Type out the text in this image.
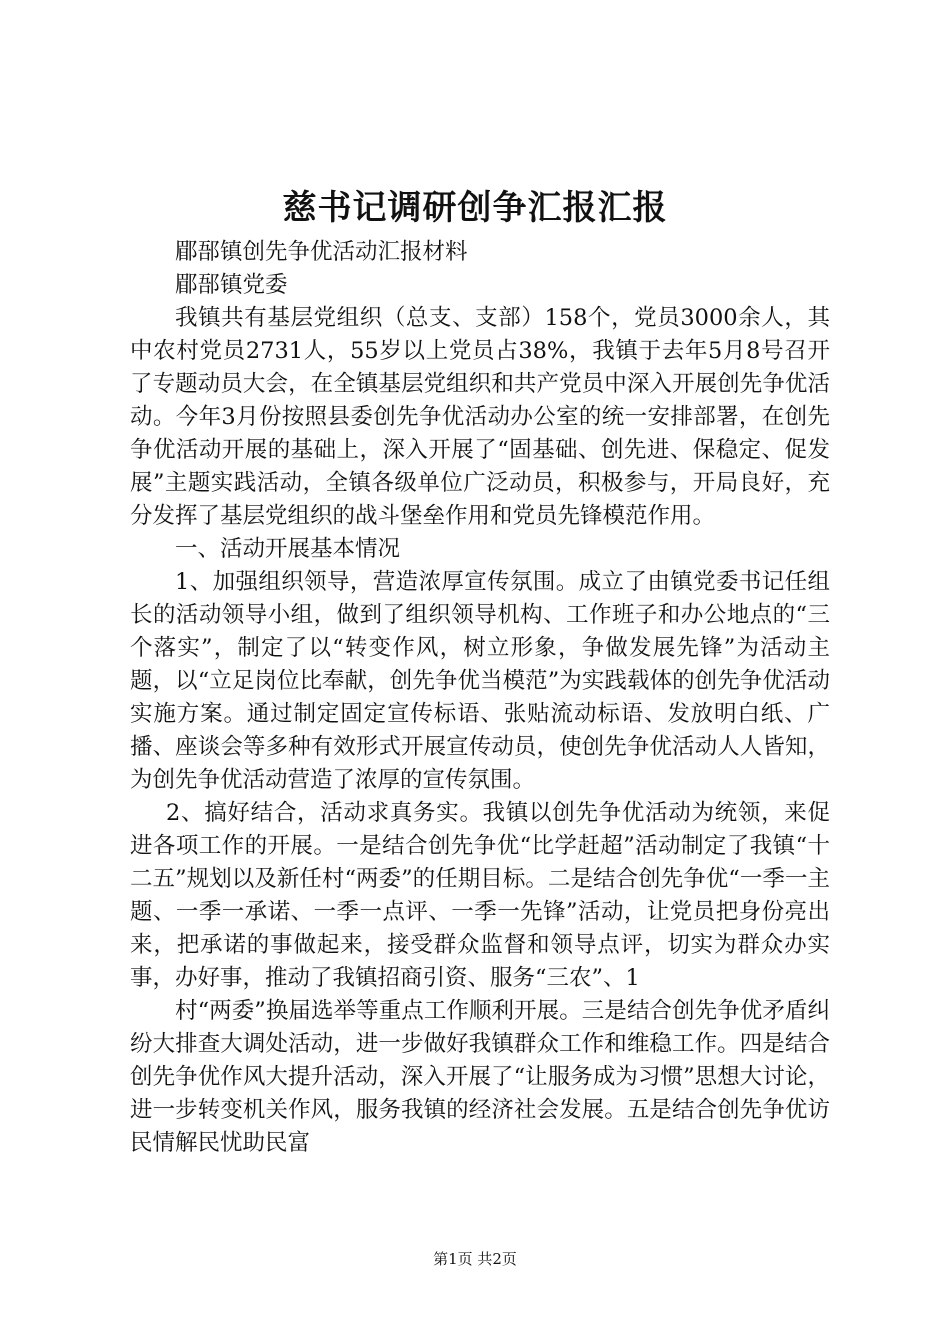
慈书记调研创争汇报汇报

郿郚镇创先争优活动汇报材料

郿郚镇党委

我镇共有基层党组织（总支、支部）158个，党员3000余人，其中农村党员2731人，55岁以上党员占38%，我镇于去年5月8号召开了专题动员大会，在全镇基层党组织和共产党员中深入开展创先争优活动。今年3月份按照县委创先争优活动办公室的统一安排部署，在创先争优活动开展的基础上，深入开展了“固基础、创先进、保稳定、促发展”主题实践活动，全镇各级单位广泛动员，积极参与，开局良好，充分发挥了基层党组织的战斗堡垒作用和党员先锋模范作用。

一、活动开展基本情况

1、加强组织领导，营造浓厚宣传氛围。成立了由镇党委书记任组长的活动领导小组，做到了组织领导机构、工作班子和办公地点的“三个落实”，制定了以“转变作风，树立形象，争做发展先锋”为活动主题，以“立足岗位比奉献，创先争优当模范”为实践载体的创先争优活动实施方案。通过制定固定宣传标语、张贴流动标语、发放明白纸、广播、座谈会等多种有效形式开展宣传动员，使创先争优活动人人皆知，为创先争优活动营造了浓厚的宣传氛围。

2、搞好结合，活动求真务实。我镇以创先争优活动为统领，来促进各项工作的开展。一是结合创先争优“比学赶超”活动制定了我镇“十二五”规划以及新任村“两委”的任期目标。二是结合创先争优“一季一主题、一季一承诺、一季一点评、一季一先锋”活动，让党员把身份亮出来，把承诺的事做起来，接受群众监督和领导点评，切实为群众办实事，办好事，推动了我镇招商引资、服务“三农”、1

村“两委”换届选举等重点工作顺利开展。三是结合创先争优矛盾纠纷大排查大调处活动，进一步做好我镇群众工作和维稳工作。四是结合创先争优作风大提升活动，深入开展了“让服务成为习惯”思想大讨论，进一步转变机关作风，服务我镇的经济社会发展。五是结合创先争优访民情解民忧助民富

第1页 共2页
